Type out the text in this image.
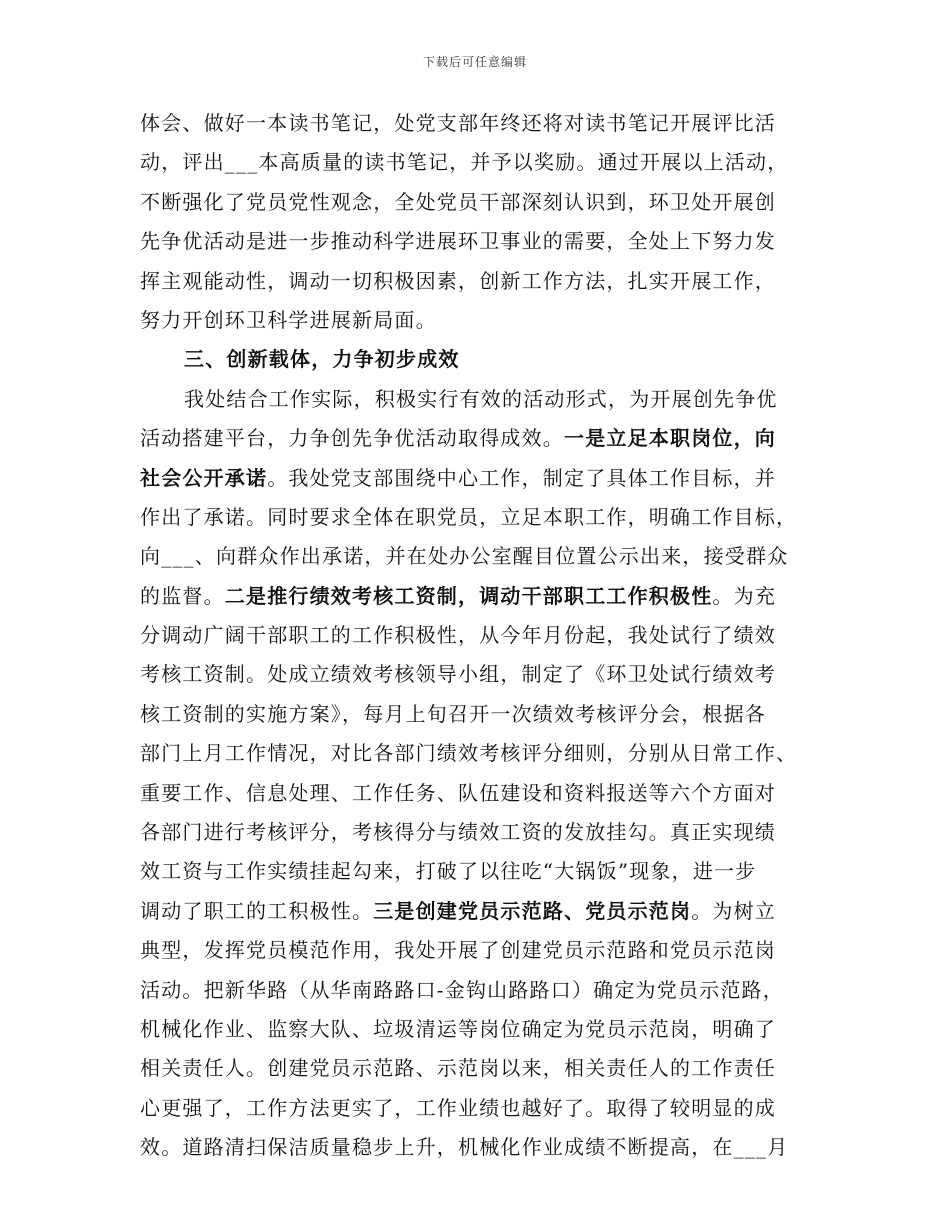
下载后可任意编辑
体会、做好一本读书笔记，处党支部年终还将对读书笔记开展评比活
动，评出___本高质量的读书笔记，并予以奖励。通过开展以上活动，
不断强化了党员党性观念，全处党员干部深刻认识到，环卫处开展创
先争优活动是进一步推动科学进展环卫事业的需要，全处上下努力发
挥主观能动性，调动一切积极因素，创新工作方法，扎实开展工作，
努力开创环卫科学进展新局面。
三、创新载体，力争初步成效
我处结合工作实际，积极实行有效的活动形式，为开展创先争优
活动搭建平台，力争创先争优活动取得成效。一是立足本职岗位，向
社会公开承诺。我处党支部围绕中心工作，制定了具体工作目标，并
作出了承诺。同时要求全体在职党员，立足本职工作，明确工作目标，
向___、向群众作出承诺，并在处办公室醒目位置公示出来，接受群众
的监督。二是推行绩效考核工资制，调动干部职工工作积极性。为充
分调动广阔干部职工的工作积极性，从今年月份起，我处试行了绩效
考核工资制。处成立绩效考核领导小组，制定了《环卫处试行绩效考
核工资制的实施方案》，每月上旬召开一次绩效考核评分会，根据各
部门上月工作情况，对比各部门绩效考核评分细则，分别从日常工作、
重要工作、信息处理、工作任务、队伍建设和资料报送等六个方面对
各部门进行考核评分，考核得分与绩效工资的发放挂勾。真正实现绩
效工资与工作实绩挂起勾来，打破了以往吃“大锅饭”现象，进一步
调动了职工的工积极性。三是创建党员示范路、党员示范岗。为树立
典型，发挥党员模范作用，我处开展了创建党员示范路和党员示范岗
活动。把新华路（从华南路路口-金钩山路路口）确定为党员示范路，
机械化作业、监察大队、垃圾清运等岗位确定为党员示范岗，明确了
相关责任人。创建党员示范路、示范岗以来，相关责任人的工作责任
心更强了，工作方法更实了，工作业绩也越好了。取得了较明显的成
效。道路清扫保洁质量稳步上升，机械化作业成绩不断提高，在___月
